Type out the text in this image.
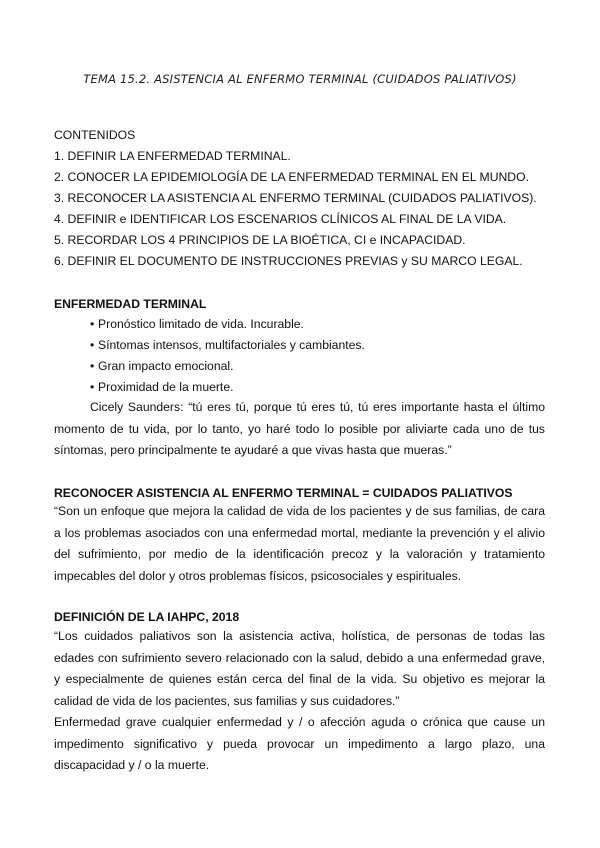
TEMA 15.2. ASISTENCIA AL ENFERMO TERMINAL (CUIDADOS PALIATIVOS)
CONTENIDOS
1. DEFINIR LA ENFERMEDAD TERMINAL.
2. CONOCER LA EPIDEMIOLOGÍA DE LA ENFERMEDAD TERMINAL EN EL MUNDO.
3. RECONOCER LA ASISTENCIA AL ENFERMO TERMINAL (CUIDADOS PALIATIVOS).
4. DEFINIR e IDENTIFICAR LOS ESCENARIOS CLÍNICOS AL FINAL DE LA VIDA.
5. RECORDAR LOS 4 PRINCIPIOS DE LA BIOÉTICA, CI e INCAPACIDAD.
6. DEFINIR EL DOCUMENTO DE INSTRUCCIONES PREVIAS y SU MARCO LEGAL.
ENFERMEDAD TERMINAL
• Pronóstico limitado de vida. Incurable.
• Síntomas intensos, multifactoriales y cambiantes.
• Gran impacto emocional.
• Proximidad de la muerte.
Cicely Saunders: “tú eres tú, porque tú eres tú, tú eres importante hasta el último momento de tu vida, por lo tanto, yo haré todo lo posible por aliviarte cada uno de tus síntomas, pero principalmente te ayudaré a que vivas hasta que mueras.”
RECONOCER ASISTENCIA AL ENFERMO TERMINAL = CUIDADOS PALIATIVOS
“Son un enfoque que mejora la calidad de vida de los pacientes y de sus familias, de cara a los problemas asociados con una enfermedad mortal, mediante la prevención y el alivio del sufrimiento, por medio de la identificación precoz y la valoración y tratamiento impecables del dolor y otros problemas físicos, psicosociales y espirituales.
DEFINICIÓN DE LA IAHPC, 2018
“Los cuidados paliativos son la asistencia activa, holística, de personas de todas las edades con sufrimiento severo relacionado con la salud, debido a una enfermedad grave, y especialmente de quienes están cerca del final de la vida. Su objetivo es mejorar la calidad de vida de los pacientes, sus familias y sus cuidadores.”
Enfermedad grave cualquier enfermedad y / o afección aguda o crónica que cause un impedimento significativo y pueda provocar un impedimento a largo plazo, una discapacidad y / o la muerte.
